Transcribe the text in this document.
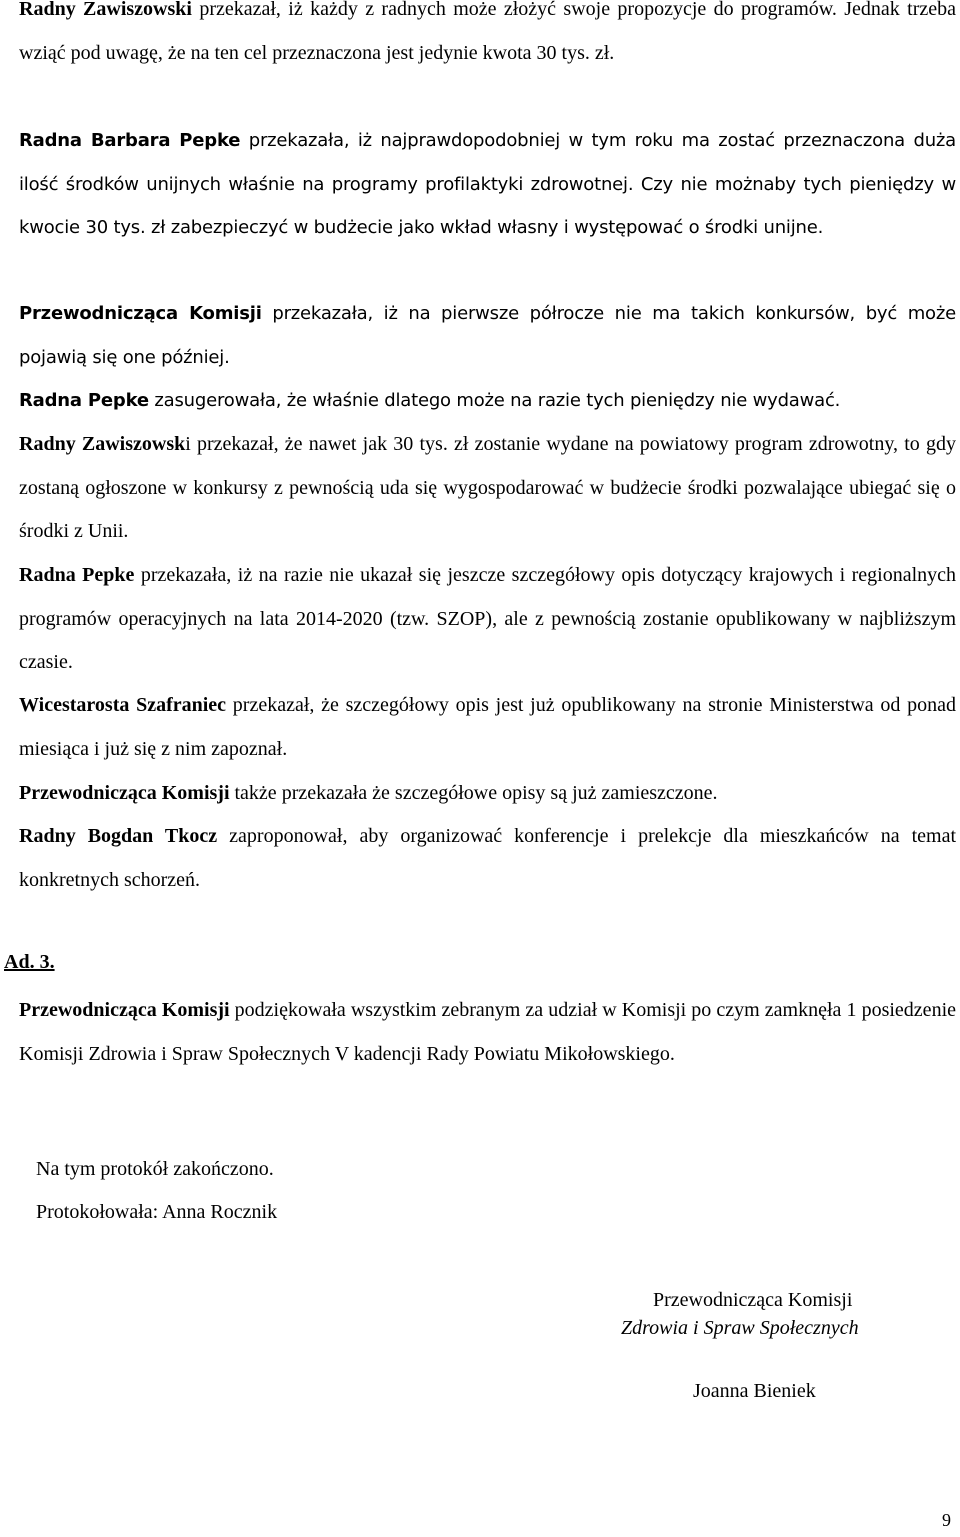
Radny Zawiszowski przekazał, iż każdy z radnych może złożyć swoje propozycje do programów. Jednak trzeba wziąć pod uwagę, że na ten cel przeznaczona jest jedynie kwota 30 tys. zł.

Radna Barbara Pepke przekazała, iż najprawdopodobniej w tym roku ma zostać przeznaczona duża ilość środków unijnych właśnie na programy profilaktyki zdrowotnej. Czy nie możnaby tych pieniędzy w kwocie 30 tys. zł zabezpieczyć w budżecie jako wkład własny i występować o środki unijne.

Przewodnicząca Komisji przekazała, iż na pierwsze półrocze nie ma takich konkursów, być może pojawią się one później.

Radna Pepke zasugerowała, że właśnie dlatego może na razie tych pieniędzy nie wydawać.

Radny Zawiszowski przekazał, że nawet jak 30 tys. zł zostanie wydane na powiatowy program zdrowotny, to gdy zostaną ogłoszone w konkursy z pewnością uda się wygospodarować w budżecie środki pozwalające ubiegać się o środki z Unii.

Radna Pepke przekazała, iż na razie nie ukazał się jeszcze szczegółowy opis dotyczący krajowych i regionalnych programów operacyjnych na lata 2014-2020 (tzw. SZOP), ale z pewnością zostanie opublikowany w najbliższym czasie.

Wicestarosta Szafraniec przekazał, że szczegółowy opis jest już opublikowany na stronie Ministerstwa od ponad miesiąca i już się z nim zapoznał.

Przewodnicząca Komisji także przekazała że szczegółowe opisy są już zamieszczone.

Radny Bogdan Tkocz zaproponował, aby organizować konferencje i prelekcje dla mieszkańców na temat konkretnych schorzeń.

Ad. 3.

Przewodnicząca Komisji podziękowała wszystkim zebranym za udział w Komisji po czym zamknęła 1 posiedzenie Komisji Zdrowia i Spraw Społecznych V kadencji Rady Powiatu Mikołowskiego.

Na tym protokół zakończono.

Protokołowała: Anna Rocznik

Przewodnicząca Komisji

Zdrowia i Spraw Społecznych

Joanna Bieniek

9
